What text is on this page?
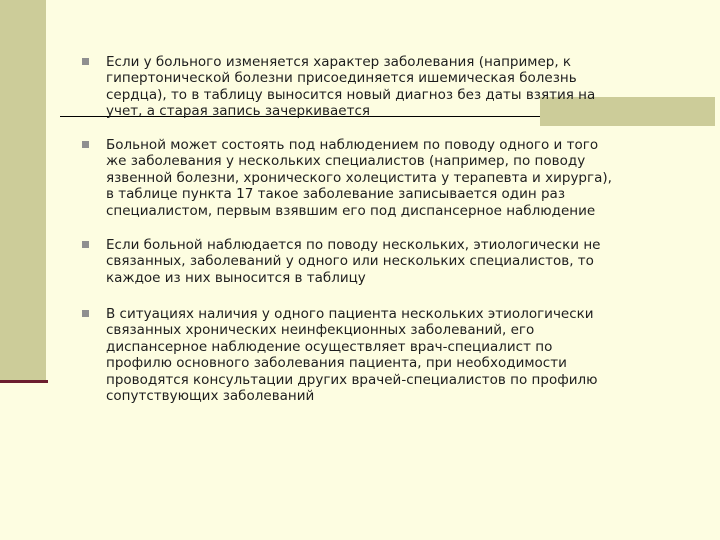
Если у больного изменяется характер заболевания (например, к
гипертонической болезни присоединяется ишемическая болезнь
сердца), то в таблицу выносится новый диагноз без даты взятия на
учет, а старая запись зачеркивается
Больной может состоять под наблюдением по поводу одного и того
же заболевания у нескольких специалистов (например, по поводу
язвенной болезни, хронического холецистита у терапевта и хирурга),
в таблице пункта 17 такое заболевание записывается один раз
специалистом, первым взявшим его под диспансерное наблюдение
Если больной наблюдается по поводу нескольких, этиологически не
связанных, заболеваний у одного или нескольких специалистов, то
каждое из них выносится в таблицу
В ситуациях наличия у одного пациента нескольких этиологически
связанных хронических неинфекционных заболеваний, его
диспансерное наблюдение осуществляет врач-специалист по
профилю основного заболевания пациента, при необходимости
проводятся консультации других врачей-специалистов по профилю
сопутствующих заболеваний
